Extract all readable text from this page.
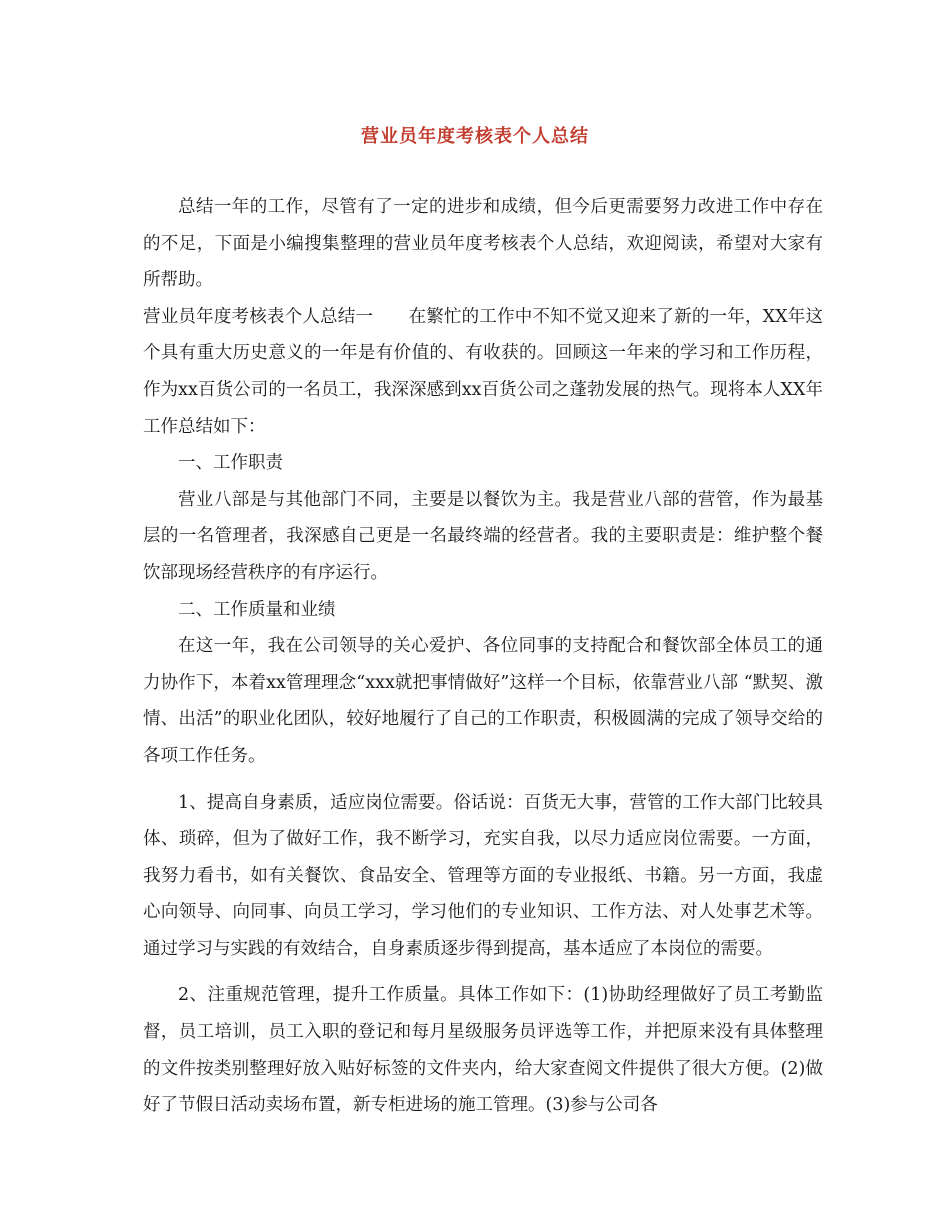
营业员年度考核表个人总结

总结一年的工作，尽管有了一定的进步和成绩，但今后更需要努力改进工作中存在的不足，下面是小编搜集整理的营业员年度考核表个人总结，欢迎阅读，希望对大家有所帮助。

营业员年度考核表个人总结一　　在繁忙的工作中不知不觉又迎来了新的一年，XX年这个具有重大历史意义的一年是有价值的、有收获的。回顾这一年来的学习和工作历程，作为xx百货公司的一名员工，我深深感到xx百货公司之蓬勃发展的热气。现将本人XX年工作总结如下：

一、工作职责

营业八部是与其他部门不同，主要是以餐饮为主。我是营业八部的营管，作为最基层的一名管理者，我深感自己更是一名最终端的经营者。我的主要职责是：维护整个餐饮部现场经营秩序的有序运行。

二、工作质量和业绩

在这一年，我在公司领导的关心爱护、各位同事的支持配合和餐饮部全体员工的通力协作下，本着xx管理理念“xxx就把事情做好”这样一个目标，依靠营业八部 “默契、激情、出活”的职业化团队，较好地履行了自己的工作职责，积极圆满的完成了领导交给的各项工作任务。

1、提高自身素质，适应岗位需要。俗话说：百货无大事，营管的工作大部门比较具体、琐碎，但为了做好工作，我不断学习，充实自我，以尽力适应岗位需要。一方面，我努力看书，如有关餐饮、食品安全、管理等方面的专业报纸、书籍。另一方面，我虚心向领导、向同事、向员工学习，学习他们的专业知识、工作方法、对人处事艺术等。通过学习与实践的有效结合，自身素质逐步得到提高，基本适应了本岗位的需要。

2、注重规范管理，提升工作质量。具体工作如下：(1)协助经理做好了员工考勤监督，员工培训，员工入职的登记和每月星级服务员评选等工作，并把原来没有具体整理的文件按类别整理好放入贴好标签的文件夹内，给大家查阅文件提供了很大方便。(2)做好了节假日活动卖场布置，新专柜进场的施工管理。(3)参与公司各
